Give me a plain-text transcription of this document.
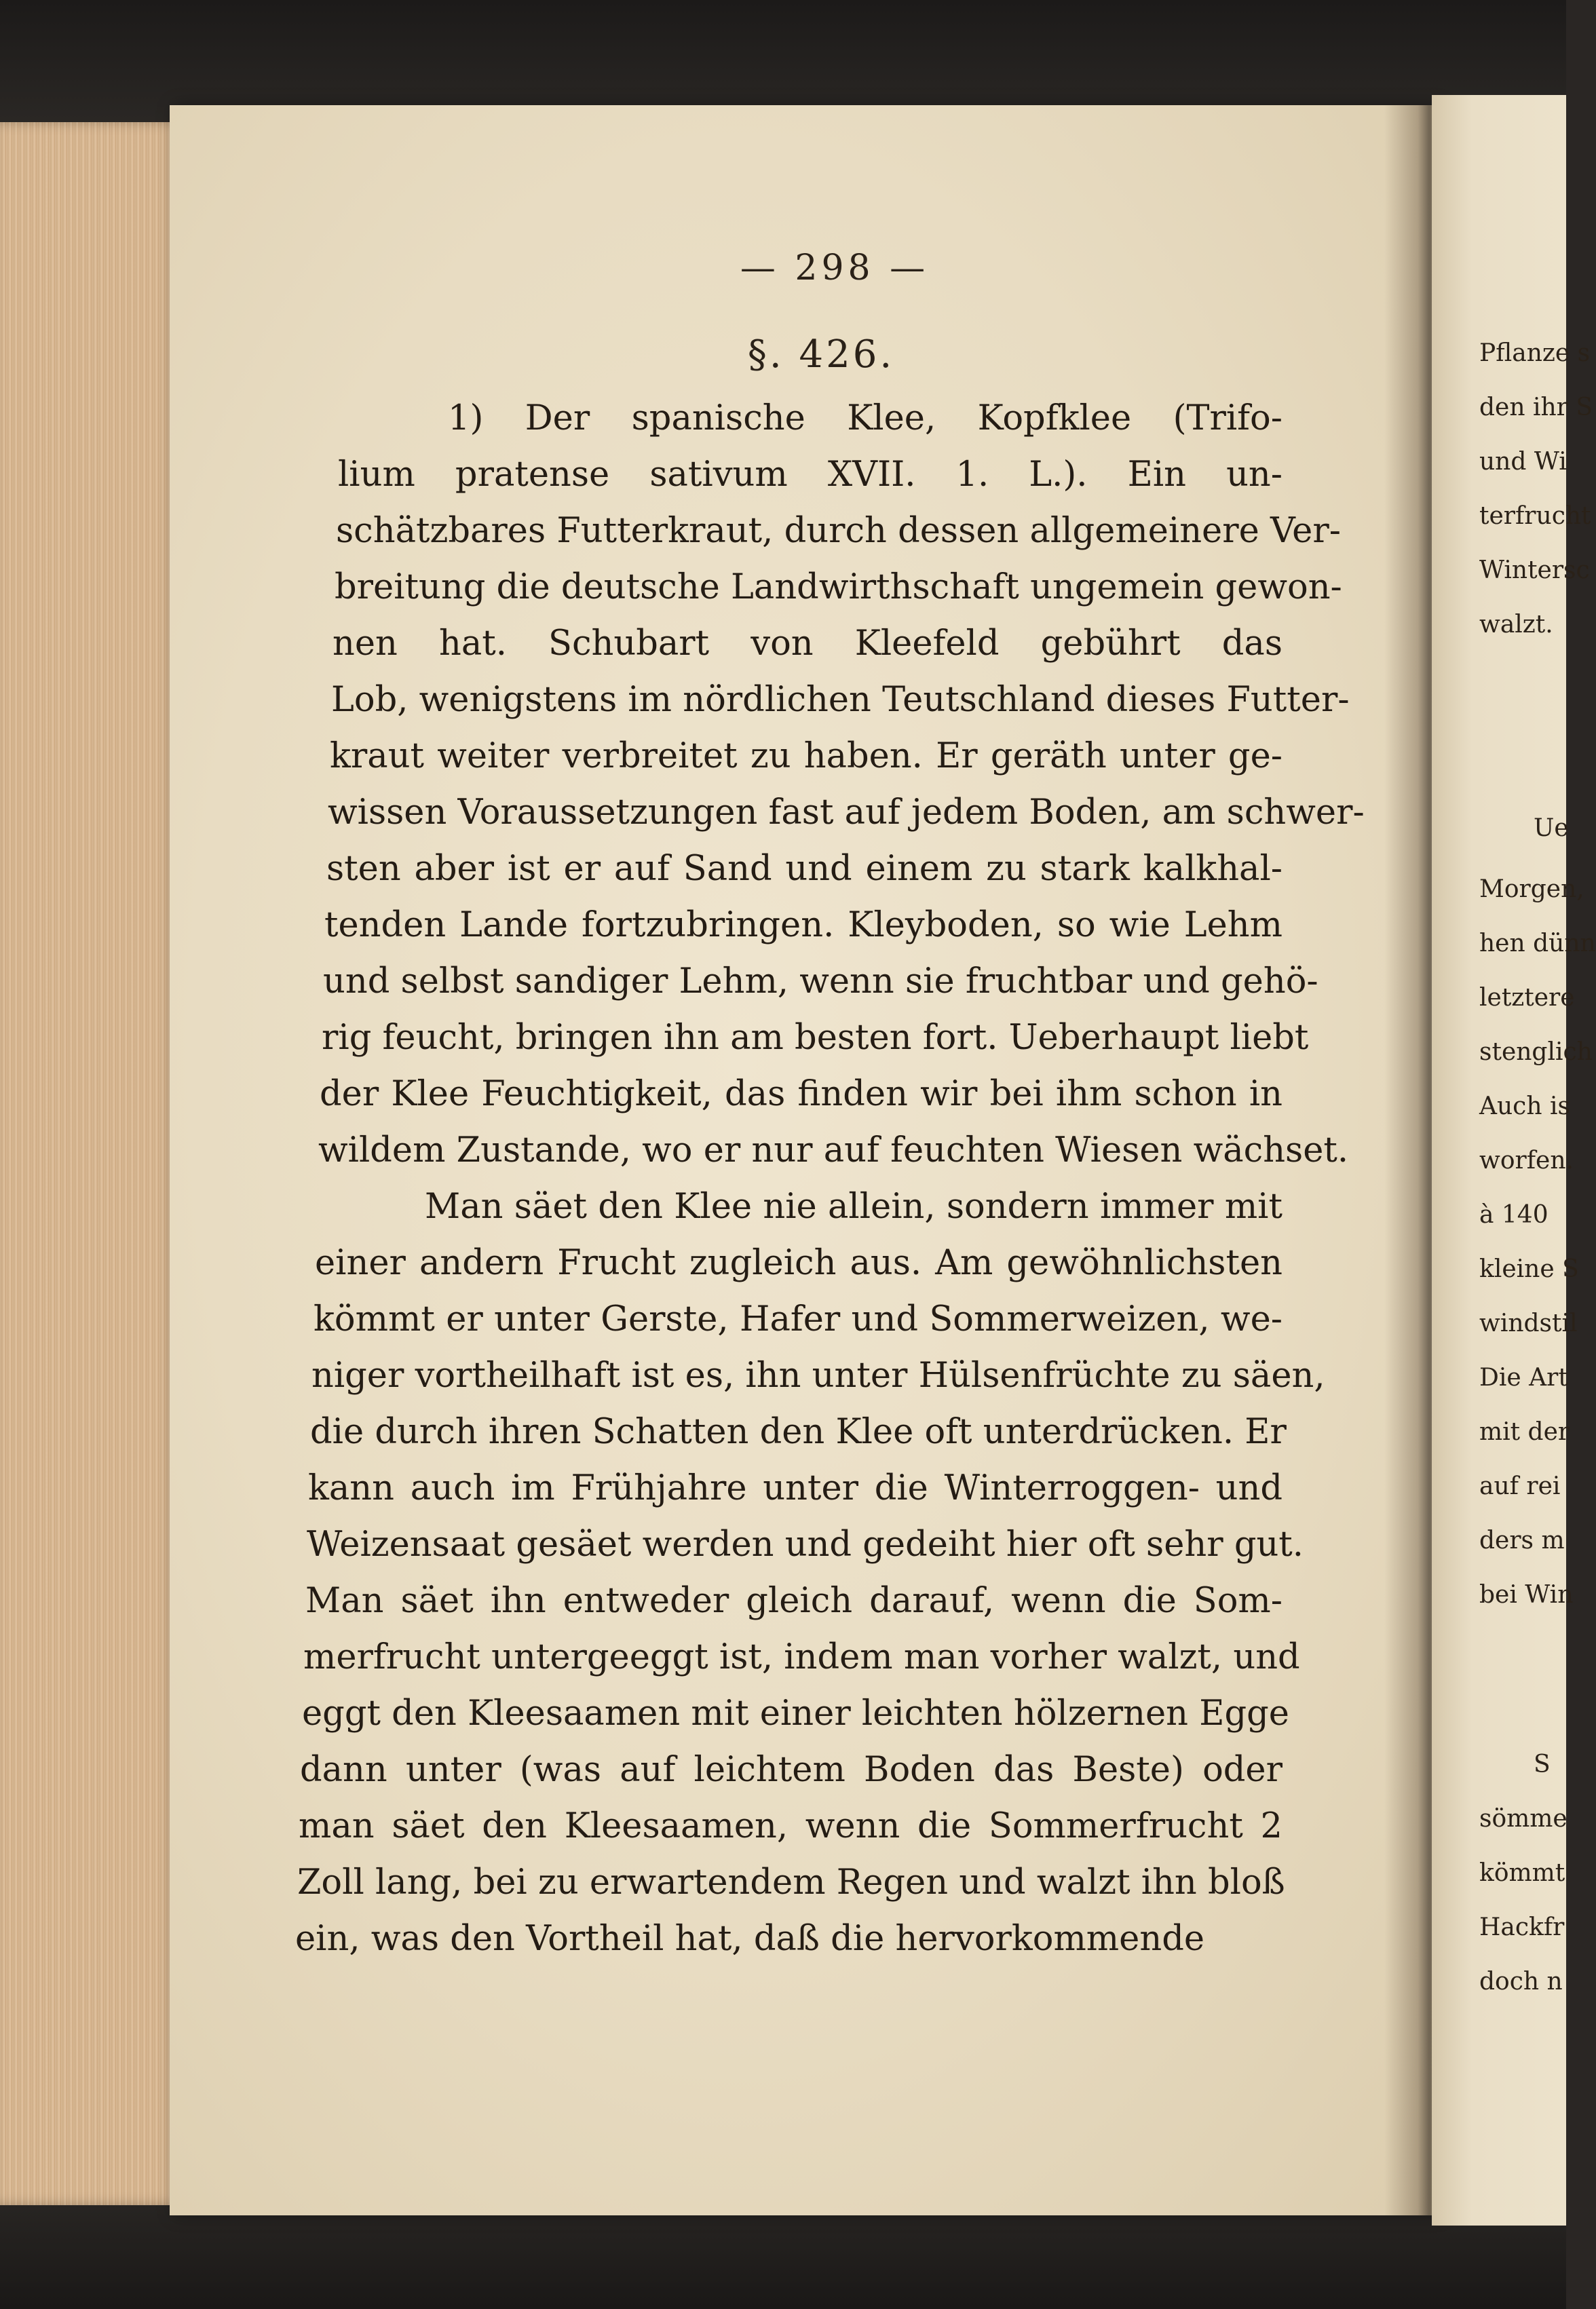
— 298 —
§. 426.
1) Der spanische Klee, Kopfklee (Trifo-
lium pratense sativum XVII. 1. L.). Ein un-
schätzbares Futterkraut, durch dessen allgemeinere Ver-
breitung die deutsche Landwirthschaft ungemein gewon-
nen hat. Schubart von Kleefeld gebührt das
Lob, wenigstens im nördlichen Teutschland dieses Futter-
kraut weiter verbreitet zu haben. Er geräth unter ge-
wissen Voraussetzungen fast auf jedem Boden, am schwer-
sten aber ist er auf Sand und einem zu stark kalkhal-
tenden Lande fortzubringen. Kleyboden, so wie Lehm
und selbst sandiger Lehm, wenn sie fruchtbar und gehö-
rig feucht, bringen ihn am besten fort. Ueberhaupt liebt
der Klee Feuchtigkeit, das finden wir bei ihm schon in
wildem Zustande, wo er nur auf feuchten Wiesen wächset.
Man säet den Klee nie allein, sondern immer mit
einer andern Frucht zugleich aus. Am gewöhnlichsten
kömmt er unter Gerste, Hafer und Sommerweizen, we-
niger vortheilhaft ist es, ihn unter Hülsenfrüchte zu säen,
die durch ihren Schatten den Klee oft unterdrücken. Er
kann auch im Frühjahre unter die Winterroggen- und
Weizensaat gesäet werden und gedeiht hier oft sehr gut.
Man säet ihn entweder gleich darauf, wenn die Som-
merfrucht untergeeggt ist, indem man vorher walzt, und
eggt den Kleesaamen mit einer leichten hölzernen Egge
dann unter (was auf leichtem Boden das Beste) oder
man säet den Kleesaamen, wenn die Sommerfrucht 2
Zoll lang, bei zu erwartendem Regen und walzt ihn bloß
ein, was den Vortheil hat, daß die hervorkommende
Pflanze s
den ihr S
und Wi
terfrucht
Wintersc
walzt.
Ue
Morgen,
hen dünn
letztere
stenglich
Auch is
worfen.
à 140
kleine S
windstil
Die Art
mit der
auf rei
ders m
bei Win
S
sömme
kömmt
Hackfr
doch n
